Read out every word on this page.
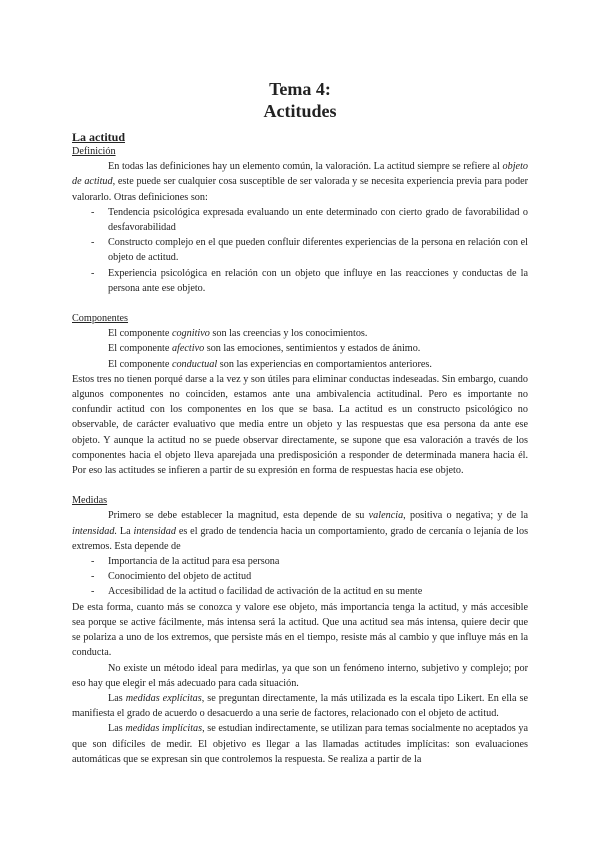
Tema 4:
Actitudes
La actitud
Definición

En todas las definiciones hay un elemento común, la valoración. La actitud siempre se refiere al objeto de actitud, este puede ser cualquier cosa susceptible de ser valorada y se necesita experiencia previa para poder valorarlo. Otras definiciones son:

- Tendencia psicológica expresada evaluando un ente determinado con cierto grado de favorabilidad o desfavorabilidad
- Constructo complejo en el que pueden confluir diferentes experiencias de la persona en relación con el objeto de actitud.
- Experiencia psicológica en relación con un objeto que influye en las reacciones y conductas de la persona ante ese objeto.
Componentes

El componente cognitivo son las creencias y los conocimientos.

El componente afectivo son las emociones, sentimientos y estados de ánimo.

El componente conductual son las experiencias en comportamientos anteriores.

Estos tres no tienen porqué darse a la vez y son útiles para eliminar conductas indeseadas. Sin embargo, cuando algunos componentes no coinciden, estamos ante una ambivalencia actitudinal. Pero es importante no confundir actitud con los componentes en los que se basa. La actitud es un constructo psicológico no observable, de carácter evaluativo que media entre un objeto y las respuestas que esa persona da ante ese objeto. Y aunque la actitud no se puede observar directamente, se supone que esa valoración a través de los componentes hacia el objeto lleva aparejada una predisposición a responder de determinada manera hacia él. Por eso las actitudes se infieren a partir de su expresión en forma de respuestas hacia ese objeto.

Medidas

Primero se debe establecer la magnitud, esta depende de su valencia, positiva o negativa; y de la intensidad. La intensidad es el grado de tendencia hacia un comportamiento, grado de cercanía o lejanía de los extremos. Esta depende de

- Importancia de la actitud para esa persona
- Conocimiento del objeto de actitud
- Accesibilidad de la actitud o facilidad de activación de la actitud en su mente

De esta forma, cuanto más se conozca y valore ese objeto, más importancia tenga la actitud, y más accesible sea porque se active fácilmente, más intensa será la actitud. Que una actitud sea más intensa, quiere decir que se polariza a uno de los extremos, que persiste más en el tiempo, resiste más al cambio y que influye más en la conducta.

No existe un método ideal para medirlas, ya que son un fenómeno interno, subjetivo y complejo; por eso hay que elegir el más adecuado para cada situación.

Las medidas explícitas, se preguntan directamente, la más utilizada es la escala tipo Likert. En ella se manifiesta el grado de acuerdo o desacuerdo a una serie de factores, relacionado con el objeto de actitud.

Las medidas implícitas, se estudian indirectamente, se utilizan para temas socialmente no aceptados ya que son difíciles de medir. El objetivo es llegar a las llamadas actitudes implícitas: son evaluaciones automáticas que se expresan sin que controlemos la respuesta. Se realiza a partir de la
